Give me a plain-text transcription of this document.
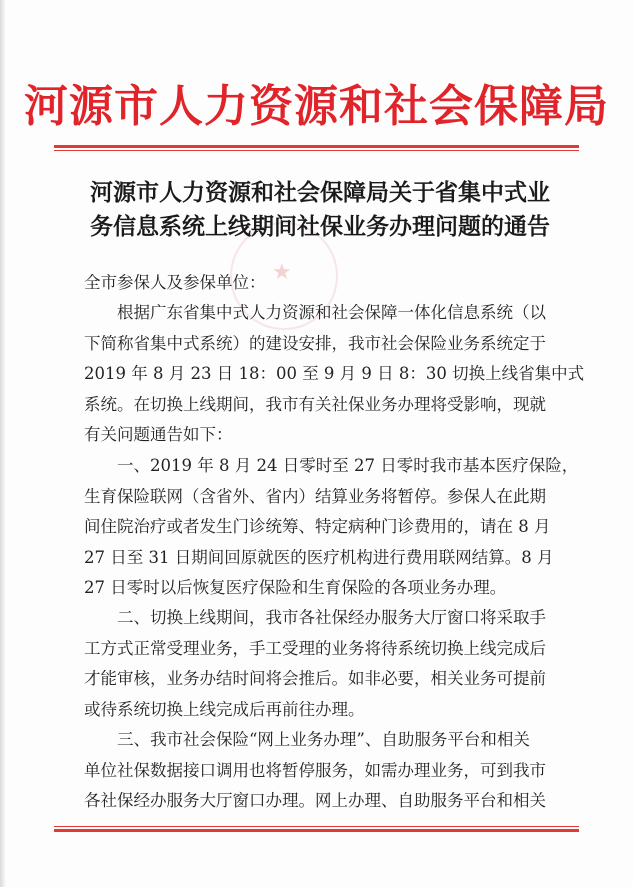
河源市人力资源和社会保障局
★
河源市人力资源和社会保障局关于省集中式业
务信息系统上线期间社保业务办理问题的通告
全市参保人及参保单位：
根据广东省集中式人力资源和社会保障一体化信息系统（以
下简称省集中式系统）的建设安排，我市社会保险业务系统定于
2019 年 8 月 23 日 18：00 至 9 月 9 日 8：30 切换上线省集中式
系统。在切换上线期间，我市有关社保业务办理将受影响，现就
有关问题通告如下：
一、2019 年 8 月 24 日零时至 27 日零时我市基本医疗保险，
生育保险联网（含省外、省内）结算业务将暂停。参保人在此期
间住院治疗或者发生门诊统筹、特定病种门诊费用的，请在 8 月
27 日至 31 日期间回原就医的医疗机构进行费用联网结算。8 月
27 日零时以后恢复医疗保险和生育保险的各项业务办理。
二、切换上线期间，我市各社保经办服务大厅窗口将采取手
工方式正常受理业务，手工受理的业务将待系统切换上线完成后
才能审核，业务办结时间将会推后。如非必要，相关业务可提前
或待系统切换上线完成后再前往办理。
三、我市社会保险“网上业务办理”、自助服务平台和相关
单位社保数据接口调用也将暂停服务，如需办理业务，可到我市
各社保经办服务大厅窗口办理。网上办理、自助服务平台和相关
